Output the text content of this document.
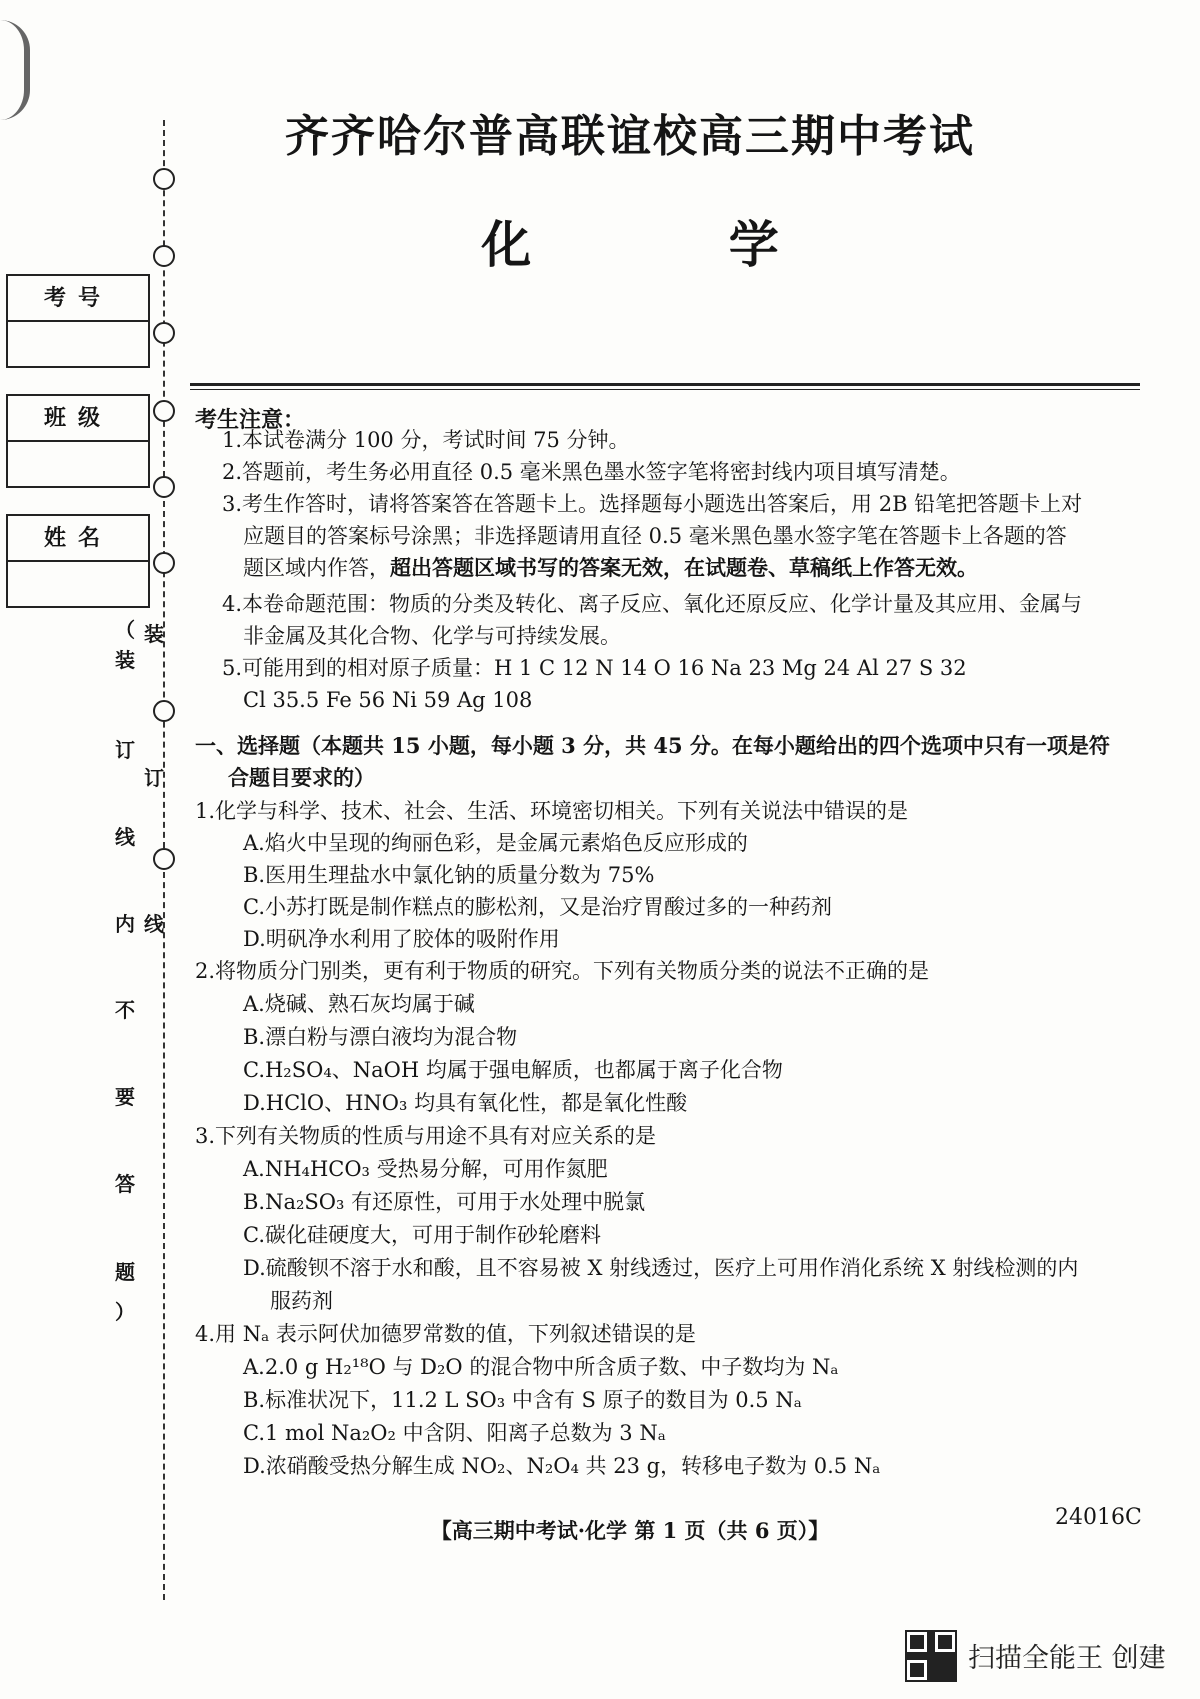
考号
班级
姓名
（
装
订
线
内
不
要
答
题
）
装
订
线
齐齐哈尔普高联谊校高三期中考试
化 学
考生注意：
1.本试卷满分 100 分，考试时间 75 分钟。
2.答题前，考生务必用直径 0.5 毫米黑色墨水签字笔将密封线内项目填写清楚。
3.考生作答时，请将答案答在答题卡上。选择题每小题选出答案后，用 2B 铅笔把答题卡上对
应题目的答案标号涂黑；非选择题请用直径 0.5 毫米黑色墨水签字笔在答题卡上各题的答
题区域内作答，超出答题区域书写的答案无效，在试题卷、草稿纸上作答无效。
4.本卷命题范围：物质的分类及转化、离子反应、氧化还原反应、化学计量及其应用、金属与
非金属及其化合物、化学与可持续发展。
5.可能用到的相对原子质量：H 1 C 12 N 14 O 16 Na 23 Mg 24 Al 27 S 32
Cl 35.5 Fe 56 Ni 59 Ag 108
一、选择题（本题共 15 小题，每小题 3 分，共 45 分。在每小题给出的四个选项中只有一项是符
合题目要求的）
1.化学与科学、技术、社会、生活、环境密切相关。下列有关说法中错误的是
A.焰火中呈现的绚丽色彩，是金属元素焰色反应形成的
B.医用生理盐水中氯化钠的质量分数为 75%
C.小苏打既是制作糕点的膨松剂，又是治疗胃酸过多的一种药剂
D.明矾净水利用了胶体的吸附作用
2.将物质分门别类，更有利于物质的研究。下列有关物质分类的说法不正确的是
A.烧碱、熟石灰均属于碱
B.漂白粉与漂白液均为混合物
C.H₂SO₄、NaOH 均属于强电解质，也都属于离子化合物
D.HClO、HNO₃ 均具有氧化性，都是氧化性酸
3.下列有关物质的性质与用途不具有对应关系的是
A.NH₄HCO₃ 受热易分解，可用作氮肥
B.Na₂SO₃ 有还原性，可用于水处理中脱氯
C.碳化硅硬度大，可用于制作砂轮磨料
D.硫酸钡不溶于水和酸，且不容易被 X 射线透过，医疗上可用作消化系统 X 射线检测的内
服药剂
4.用 Nₐ 表示阿伏加德罗常数的值，下列叙述错误的是
A.2.0 g H₂¹⁸O 与 D₂O 的混合物中所含质子数、中子数均为 Nₐ
B.标准状况下，11.2 L SO₃ 中含有 S 原子的数目为 0.5 Nₐ
C.1 mol Na₂O₂ 中含阴、阳离子总数为 3 Nₐ
D.浓硝酸受热分解生成 NO₂、N₂O₄ 共 23 g，转移电子数为 0.5 Nₐ
【高三期中考试·化学 第 1 页（共 6 页）】
24016C
扫描全能王 创建
